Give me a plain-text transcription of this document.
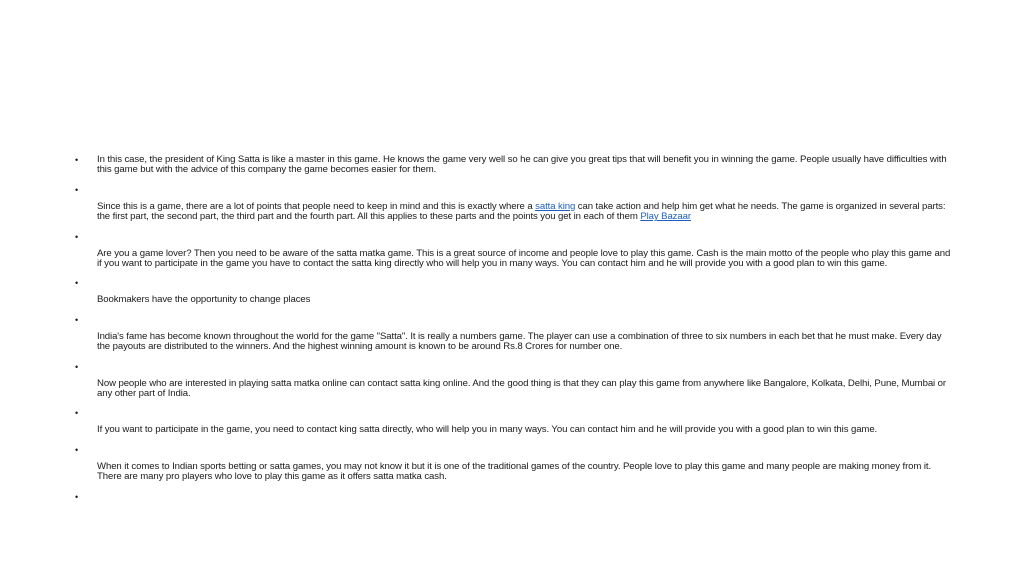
• In this case, the president of King Satta is like a master in this game. He knows the game very well so he can give you great tips that will benefit you in winning the game. People usually have difficulties with this game but with the advice of this company the game becomes easier for them.
•
Since this is a game, there are a lot of points that people need to keep in mind and this is exactly where a satta king can take action and help him get what he needs. The game is organized in several parts: the first part, the second part, the third part and the fourth part. All this applies to these parts and the points you get in each of them Play Bazaar
•
Are you a game lover? Then you need to be aware of the satta matka game. This is a great source of income and people love to play this game. Cash is the main motto of the people who play this game and if you want to participate in the game you have to contact the satta king directly who will help you in many ways. You can contact him and he will provide you with a good plan to win this game.
•
Bookmakers have the opportunity to change places
•
India's fame has become known throughout the world for the game "Satta". It is really a numbers game. The player can use a combination of three to six numbers in each bet that he must make. Every day the payouts are distributed to the winners. And the highest winning amount is known to be around Rs.8 Crores for number one.
•
Now people who are interested in playing satta matka online can contact satta king online. And the good thing is that they can play this game from anywhere like Bangalore, Kolkata, Delhi, Pune, Mumbai or any other part of India.
•
If you want to participate in the game, you need to contact king satta directly, who will help you in many ways. You can contact him and he will provide you with a good plan to win this game.
•
When it comes to Indian sports betting or satta games, you may not know it but it is one of the traditional games of the country. People love to play this game and many people are making money from it. There are many pro players who love to play this game as it offers satta matka cash.
•
